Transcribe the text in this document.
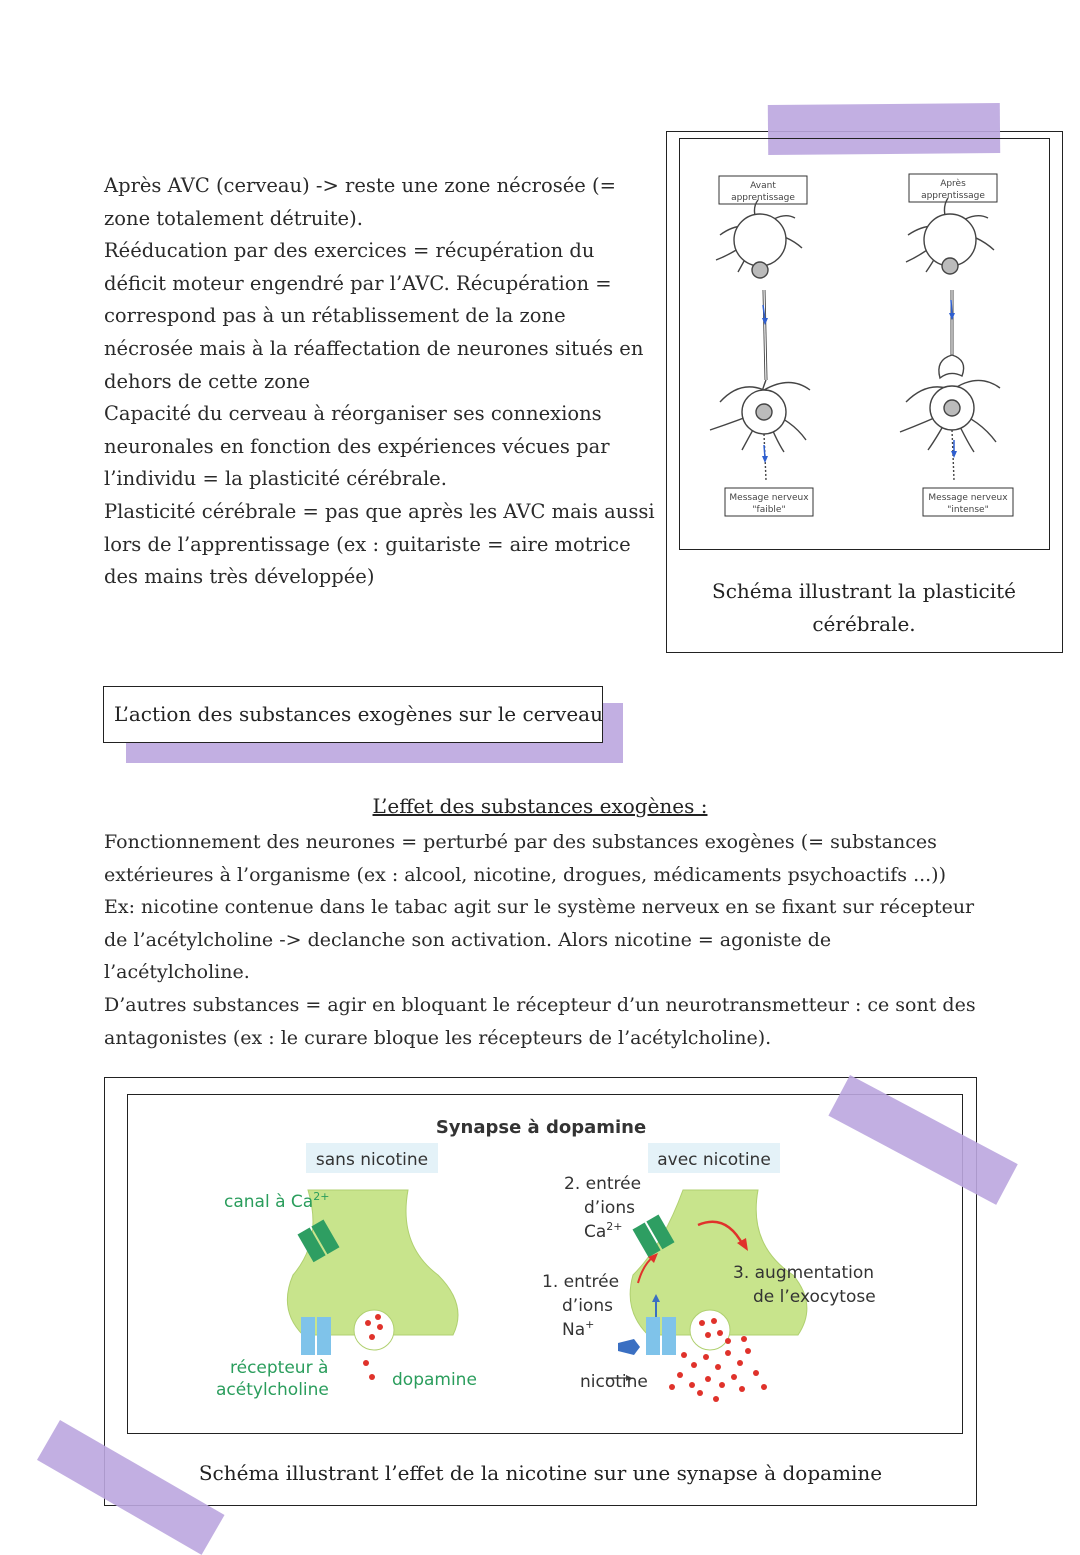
Après AVC (cerveau) -> reste une zone nécrosée (=
zone totalement détruite).
Rééducation par des exercices = récupération du
déficit moteur engendré par l’AVC. Récupération =
correspond pas à un rétablissement de la zone
nécrosée mais à la réaffectation de neurones situés en
dehors de cette zone
Capacité du cerveau à réorganiser ses connexions
neuronales en fonction des expériences vécues par
l’individu = la plasticité cérébrale.
Plasticité cérébrale = pas que après les AVC mais aussi
lors de l’apprentissage (ex : guitariste = aire motrice
des mains très développée)
Avant
apprentissage
Après
apprentissage
Message nerveux
"faible"
Message nerveux
"intense"
Schéma illustrant la plasticité
cérébrale.
L’action des substances exogènes sur le cerveau
L’effet des substances exogènes :
Fonctionnement des neurones = perturbé par des substances exogènes (= substances
extérieures à l’organisme (ex : alcool, nicotine, drogues, médicaments psychoactifs ...))
Ex: nicotine contenue dans le tabac agit sur le système nerveux en se fixant sur récepteur
de l’acétylcholine -> declanche son activation. Alors nicotine = agoniste de
l’acétylcholine.
D’autres substances = agir en bloquant le récepteur d’un neurotransmetteur : ce sont des
antagonistes (ex : le curare bloque les récepteurs de l’acétylcholine).
Synapse à dopamine
sans nicotine	avec nicotine
canal à $Ca^{2+}$
récepteur à
acétylcholine	dopamine
2. entrée
d’ions
$Ca^{2+}$
1. entrée
d’ions
Na+
nicotine
3. augmentation
de l’exocytose
Schéma illustrant l’effet de la nicotine sur une synapse à dopamine
